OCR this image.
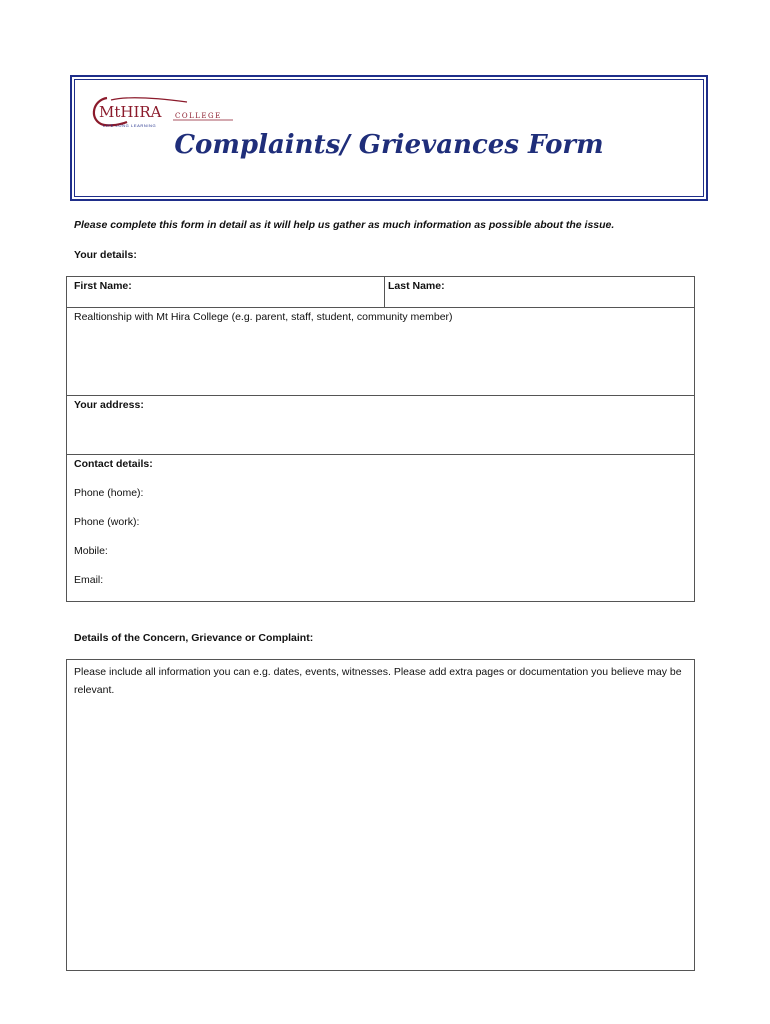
MtHIRA COLLEGE
LIFE LONG LEARNING
Complaints/ Grievances Form
Please complete this form in detail as it will help us gather as much information as possible about the issue.
Your details:
First Name:	Last Name:
Realtionship with Mt Hira College (e.g. parent, staff, student, community member)
Your address:
Contact details:
Phone (home):
Phone (work):
Mobile:
Email:
Details of the Concern, Grievance or Complaint:
Please include all information you can e.g. dates, events, witnesses. Please add extra pages or documentation you believe may be relevant.
